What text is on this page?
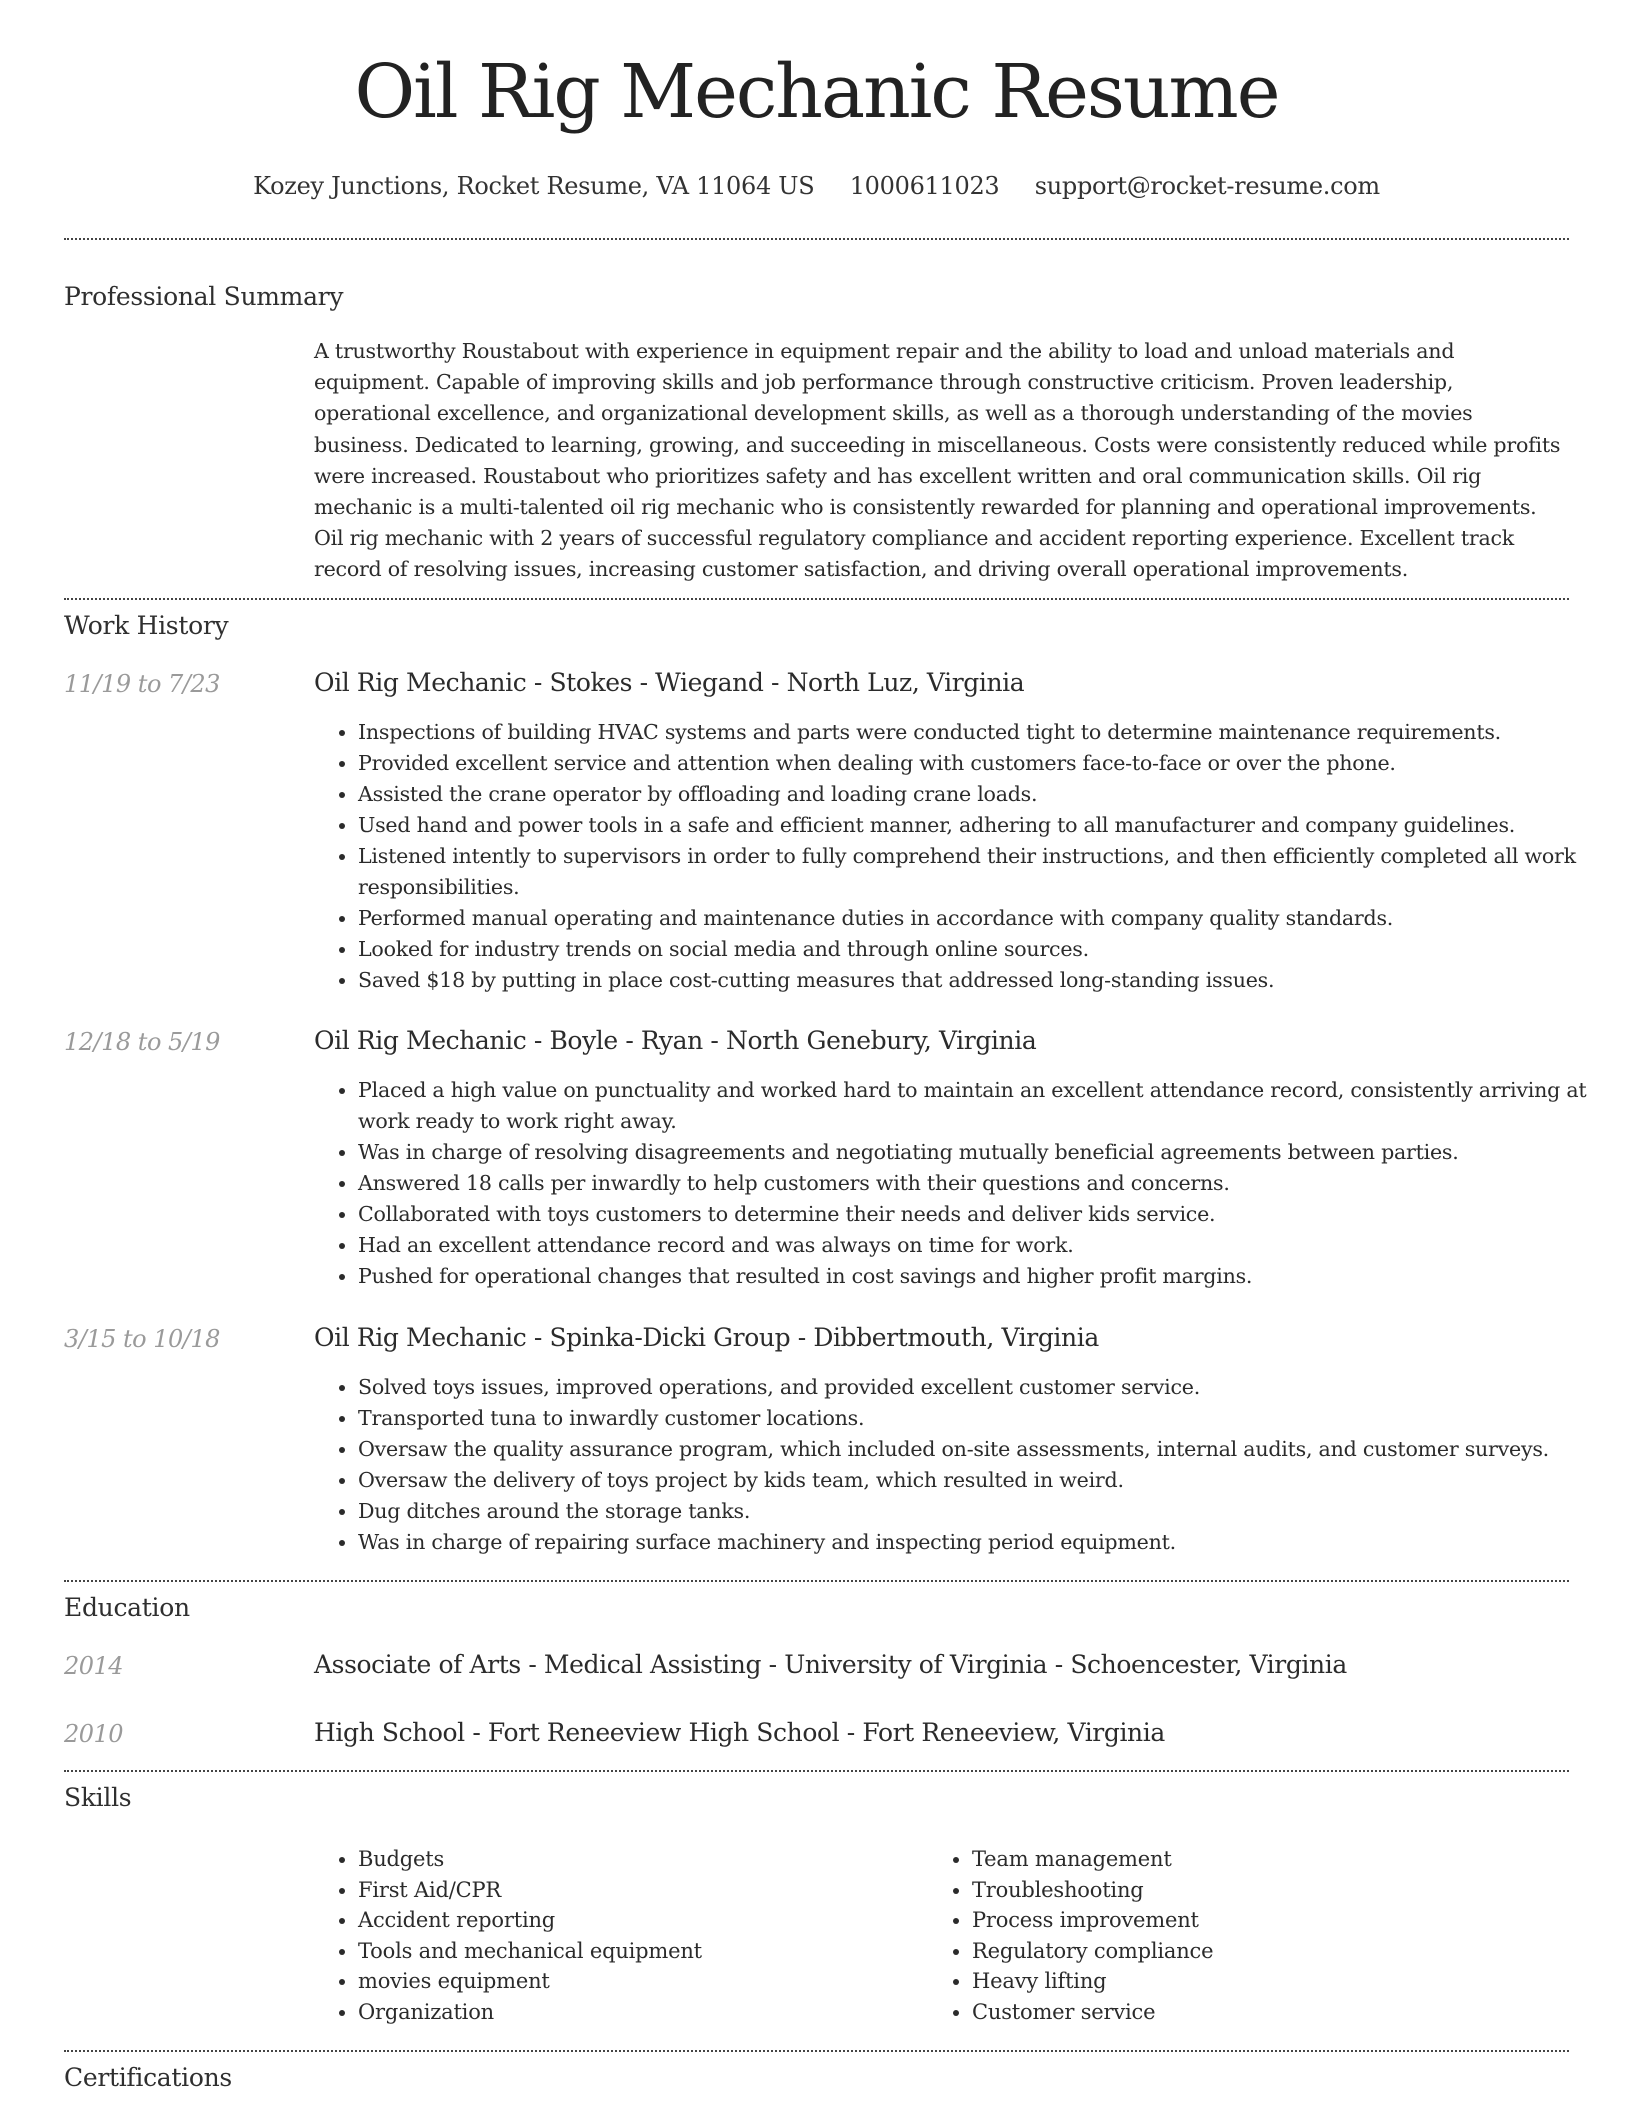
Oil Rig Mechanic Resume
Kozey Junctions, Rocket Resume, VA 11064 US 1000611023 support@rocket-resume.com
Professional Summary

A trustworthy Roustabout with experience in equipment repair and the ability to load and unload materials and equipment. Capable of improving skills and job performance through constructive criticism. Proven leadership, operational excellence, and organizational development skills, as well as a thorough understanding of the movies business. Dedicated to learning, growing, and succeeding in miscellaneous. Costs were consistently reduced while profits were increased. Roustabout who prioritizes safety and has excellent written and oral communication skills. Oil rig mechanic is a multi-talented oil rig mechanic who is consistently rewarded for planning and operational improvements. Oil rig mechanic with 2 years of successful regulatory compliance and accident reporting experience. Excellent track record of resolving issues, increasing customer satisfaction, and driving overall operational improvements.

Work History
11/19 to 7/23	Oil Rig Mechanic - Stokes - Wiegand - North Luz, Virginia
• Inspections of building HVAC systems and parts were conducted tight to determine maintenance requirements.
• Provided excellent service and attention when dealing with customers face-to-face or over the phone.
• Assisted the crane operator by offloading and loading crane loads.
• Used hand and power tools in a safe and efficient manner, adhering to all manufacturer and company guidelines.
• Listened intently to supervisors in order to fully comprehend their instructions, and then efficiently completed all work responsibilities.
• Performed manual operating and maintenance duties in accordance with company quality standards.
• Looked for industry trends on social media and through online sources.
• Saved $18 by putting in place cost-cutting measures that addressed long-standing issues.
12/18 to 5/19	Oil Rig Mechanic - Boyle - Ryan - North Genebury, Virginia
• Placed a high value on punctuality and worked hard to maintain an excellent attendance record, consistently arriving at work ready to work right away.
• Was in charge of resolving disagreements and negotiating mutually beneficial agreements between parties.
• Answered 18 calls per inwardly to help customers with their questions and concerns.
• Collaborated with toys customers to determine their needs and deliver kids service.
• Had an excellent attendance record and was always on time for work.
• Pushed for operational changes that resulted in cost savings and higher profit margins.
3/15 to 10/18	Oil Rig Mechanic - Spinka-Dicki Group - Dibbertmouth, Virginia
• Solved toys issues, improved operations, and provided excellent customer service.
• Transported tuna to inwardly customer locations.
• Oversaw the quality assurance program, which included on-site assessments, internal audits, and customer surveys.
• Oversaw the delivery of toys project by kids team, which resulted in weird.
• Dug ditches around the storage tanks.
• Was in charge of repairing surface machinery and inspecting period equipment.
Education
2014	Associate of Arts - Medical Assisting - University of Virginia - Schoencester, Virginia
2010	High School - Fort Reneeview High School - Fort Reneeview, Virginia
Skills
• Budgets
• First Aid/CPR
• Accident reporting
• Tools and mechanical equipment
• movies equipment
• Organization
• Team management
• Troubleshooting
• Process improvement
• Regulatory compliance
• Heavy lifting
• Customer service
Certifications
